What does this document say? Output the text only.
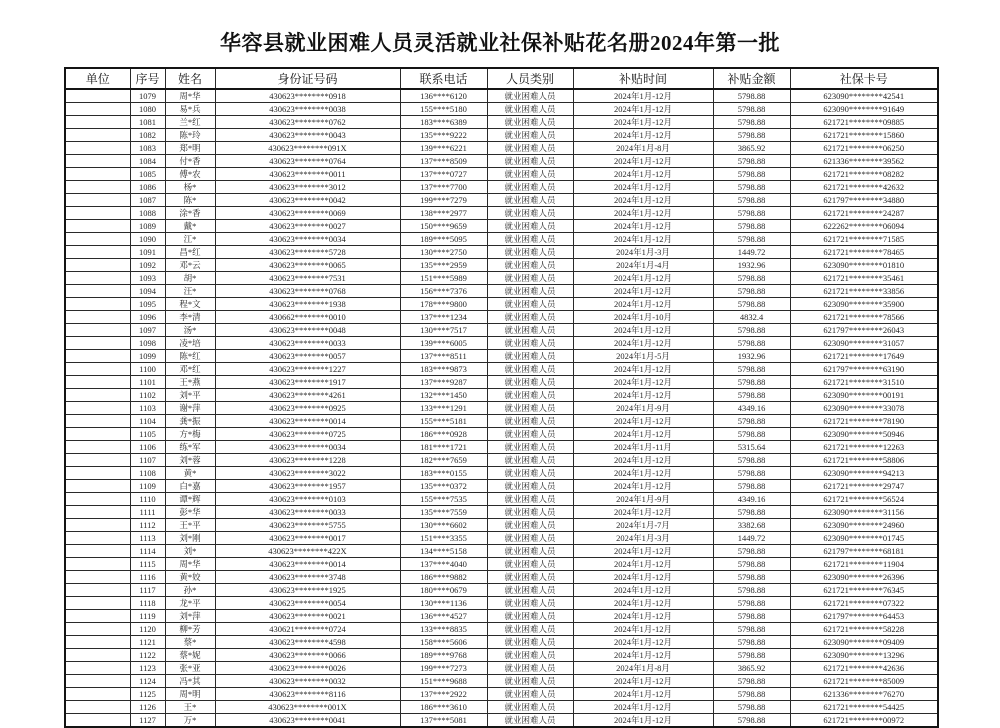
华容县就业困难人员灵活就业社保补贴花名册2024年第一批
单位	序号	姓名	身份证号码	联系电话	人员类别	补贴时间	补贴金额	社保卡号
	1079	周*华	430623********0918	136****6120	就业困难人员	2024年1月-12月	5798.88	623090********42541
	1080	易*兵	430623********0038	155****5180	就业困难人员	2024年1月-12月	5798.88	623090********91649
	1081	兰*红	430623********0762	183****6389	就业困难人员	2024年1月-12月	5798.88	621721********09885
	1082	陈*玲	430623********0043	135****9222	就业困难人员	2024年1月-12月	5798.88	621721********15860
	1083	郑*明	430623********091X	139****6221	就业困难人员	2024年1月-8月	3865.92	621721********06250
	1084	付*香	430623********0764	137****8509	就业困难人员	2024年1月-12月	5798.88	621336********39562
	1085	傅*农	430623********0011	137****0727	就业困难人员	2024年1月-12月	5798.88	621721********08282
	1086	杨*	430623********3012	137****7700	就业困难人员	2024年1月-12月	5798.88	621721********42632
	1087	陈*	430623********0042	199****7279	就业困难人员	2024年1月-12月	5798.88	621797********34880
	1088	涂*香	430623********0069	138****2977	就业困难人员	2024年1月-12月	5798.88	621721********24287
	1089	戴*	430623********0027	150****9659	就业困难人员	2024年1月-12月	5798.88	622262********06094
	1090	江*	430623********0034	189****5095	就业困难人员	2024年1月-12月	5798.88	621721********71585
	1091	昌*红	430623********5728	130****2750	就业困难人员	2024年1月-3月	1449.72	621721********78465
	1092	邓*云	430623********0065	135****2959	就业困难人员	2024年1月-4月	1932.96	623090********01810
	1093	胡*	430623********7531	151****5989	就业困难人员	2024年1月-12月	5798.88	621721********35461
	1094	汪*	430623********0768	156****7376	就业困难人员	2024年1月-12月	5798.88	621721********33856
	1095	程*文	430623********1938	178****9800	就业困难人员	2024年1月-12月	5798.88	623090********35900
	1096	李*清	430662********0010	137****1234	就业困难人员	2024年1月-10月	4832.4	621721********78566
	1097	汤*	430623********0048	130****7517	就业困难人员	2024年1月-12月	5798.88	621797********26043
	1098	凌*培	430623********0033	139****6005	就业困难人员	2024年1月-12月	5798.88	623090********31057
	1099	陈*红	430623********0057	137****8511	就业困难人员	2024年1月-5月	1932.96	621721********17649
	1100	邓*红	430623********1227	183****9873	就业困难人员	2024年1月-12月	5798.88	621797********63190
	1101	王*燕	430623********1917	137****9287	就业困难人员	2024年1月-12月	5798.88	621721********31510
	1102	刘*平	430623********4261	132****1450	就业困难人员	2024年1月-12月	5798.88	623090********00191
	1103	谢*萍	430623********0925	133****1291	就业困难人员	2024年1月-9月	4349.16	623090********33078
	1104	龚*振	430623********0014	155****5181	就业困难人员	2024年1月-12月	5798.88	621721********78190
	1105	方*梅	430623********0725	186****0928	就业困难人员	2024年1月-12月	5798.88	623090********50946
	1106	练*军	430623********0034	181****1721	就业困难人员	2024年1月-11月	5315.64	621721********12263
	1107	刘*蓉	430623********1228	182****7659	就业困难人员	2024年1月-12月	5798.88	621721********58806
	1108	黄*	430623********3022	183****0155	就业困难人员	2024年1月-12月	5798.88	623090********94213
	1109	白*嘉	430623********1957	135****0372	就业困难人员	2024年1月-12月	5798.88	621721********29747
	1110	谭*辉	430623********0103	155****7535	就业困难人员	2024年1月-9月	4349.16	621721********56524
	1111	彭*华	430623********0033	135****7559	就业困难人员	2024年1月-12月	5798.88	623090********31156
	1112	王*平	430623********5755	130****6602	就业困难人员	2024年1月-7月	3382.68	623090********24960
	1113	刘*刚	430623********0017	151****3355	就业困难人员	2024年1月-3月	1449.72	623090********01745
	1114	刘*	430623********422X	134****5158	就业困难人员	2024年1月-12月	5798.88	621797********68181
	1115	周*华	430623********0014	137****4040	就业困难人员	2024年1月-12月	5798.88	621721********11904
	1116	黄*姣	430623********3748	186****9882	就业困难人员	2024年1月-12月	5798.88	623090********26396
	1117	孙*	430623********1925	180****0679	就业困难人员	2024年1月-12月	5798.88	621721********76345
	1118	龙*平	430623********0054	130****1136	就业困难人员	2024年1月-12月	5798.88	621721********07322
	1119	刘*萍	430623********0021	136****4527	就业困难人员	2024年1月-12月	5798.88	621797********64453
	1120	柳*芳	430621********0724	133****8835	就业困难人员	2024年1月-12月	5798.88	621721********58228
	1121	蔡*	430623********4598	158****5606	就业困难人员	2024年1月-12月	5798.88	623090********09409
	1122	蔡*妮	430623********0066	189****9768	就业困难人员	2024年1月-12月	5798.88	623090********13296
	1123	张*亚	430623********0026	199****7273	就业困难人员	2024年1月-8月	3865.92	621721********42636
	1124	冯*其	430623********0032	151****9688	就业困难人员	2024年1月-12月	5798.88	621721********85009
	1125	周*明	430623********8116	137****2922	就业困难人员	2024年1月-12月	5798.88	621336********76270
	1126	王*	430623********001X	186****3610	就业困难人员	2024年1月-12月	5798.88	621721********54425
	1127	万*	430623********0041	137****5081	就业困难人员	2024年1月-12月	5798.88	621721********00972
